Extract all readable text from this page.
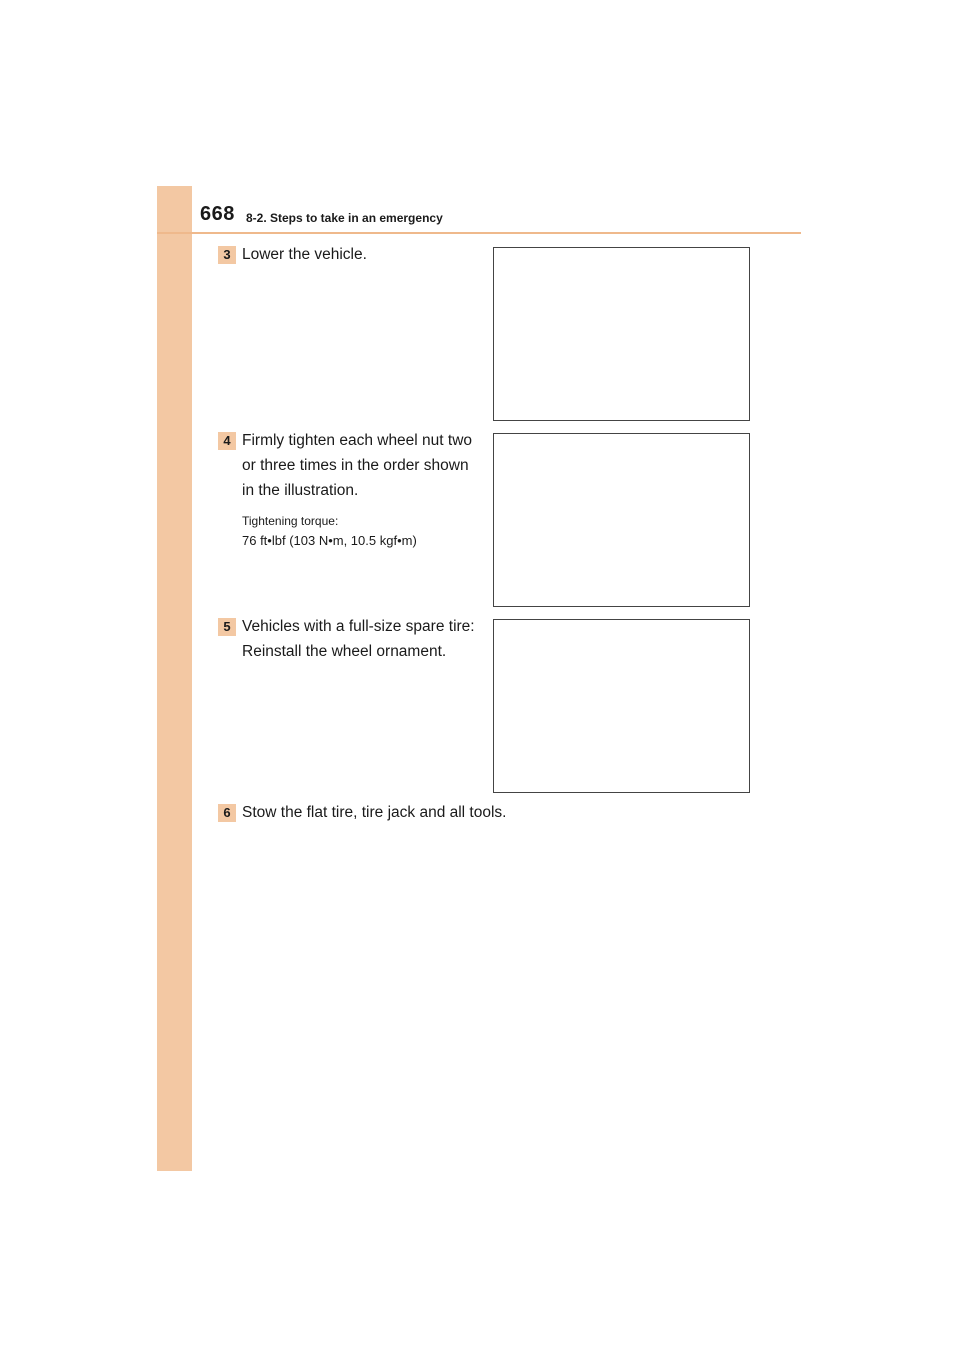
668 8-2. Steps to take in an emergency
3 Lower the vehicle.

4 Firmly tighten each wheel nut two or three times in the order shown in the illustration.

Tightening torque:
76 ft•lbf (103 N•m, 10.5 kgf•m)
5 Vehicles with a full-size spare tire: Reinstall the wheel ornament.

6 Stow the flat tire, tire jack and all tools.
